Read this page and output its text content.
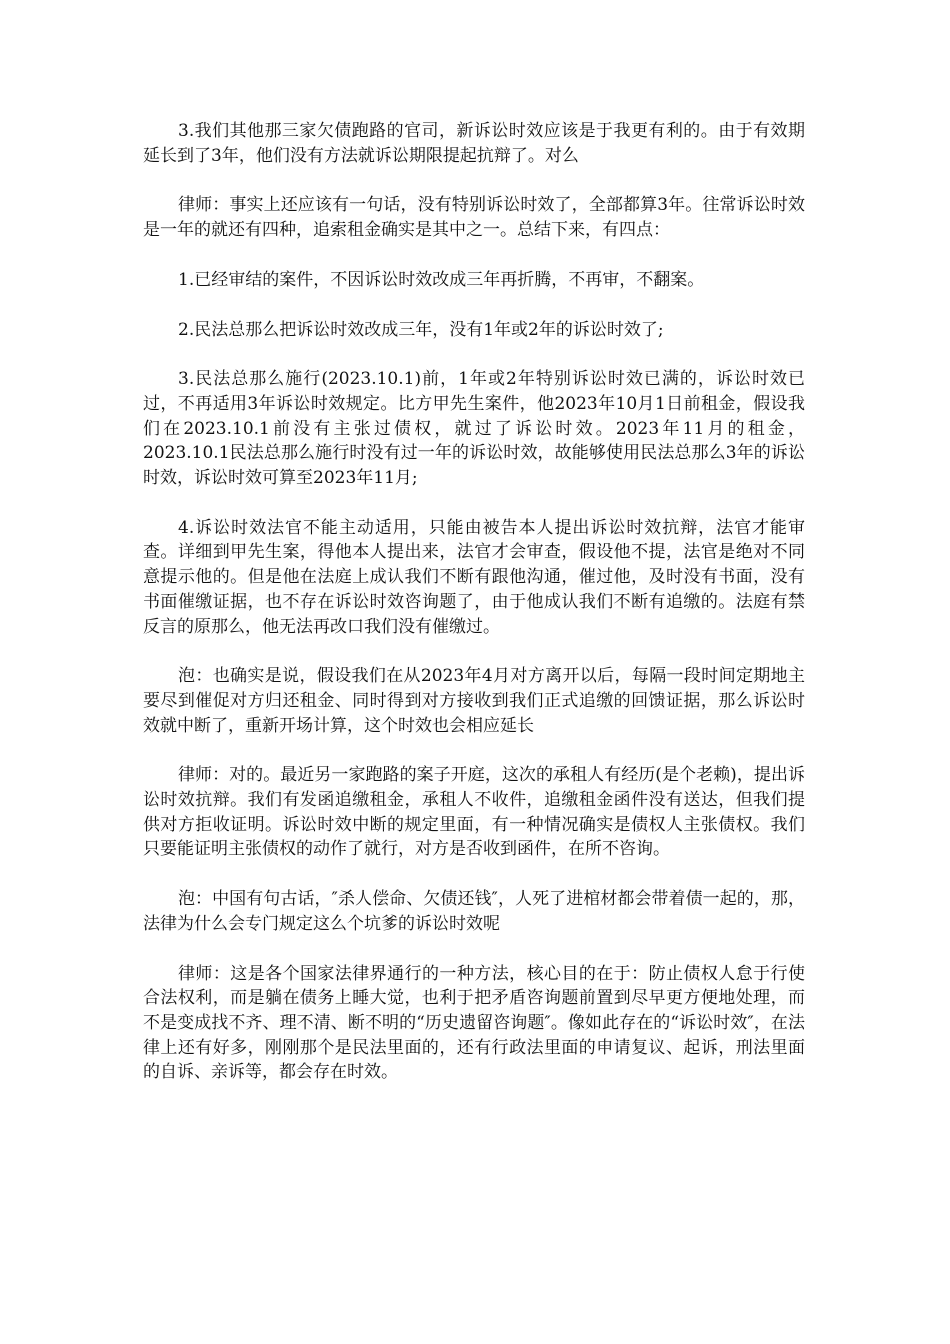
3.我们其他那三家欠债跑路的官司，新诉讼时效应该是于我更有利的。由于有效期延长到了3年，他们没有方法就诉讼期限提起抗辩了。对么

律师：事实上还应该有一句话，没有特别诉讼时效了，全部都算3年。往常诉讼时效是一年的就还有四种，追索租金确实是其中之一。总结下来，有四点：

1.已经审结的案件，不因诉讼时效改成三年再折腾，不再审，不翻案。

2.民法总那么把诉讼时效改成三年，没有1年或2年的诉讼时效了;

3.民法总那么施行(2023.10.1)前，1年或2年特别诉讼时效已满的，诉讼时效已过，不再适用3年诉讼时效规定。比方甲先生案件，他2023年10月1日前租金，假设我们在2023.10.1前没有主张过债权，就过了诉讼时效。2023年11月的租金，2023.10.1民法总那么施行时没有过一年的诉讼时效，故能够使用民法总那么3年的诉讼时效，诉讼时效可算至2023年11月;

4.诉讼时效法官不能主动适用，只能由被告本人提出诉讼时效抗辩，法官才能审查。详细到甲先生案，得他本人提出来，法官才会审查，假设他不提，法官是绝对不同意提示他的。但是他在法庭上成认我们不断有跟他沟通，催过他，及时没有书面，没有书面催缴证据，也不存在诉讼时效咨询题了，由于他成认我们不断有追缴的。法庭有禁反言的原那么，他无法再改口我们没有催缴过。

泡：也确实是说，假设我们在从2023年4月对方离开以后，每隔一段时间定期地主要尽到催促对方归还租金、同时得到对方接收到我们正式追缴的回馈证据，那么诉讼时效就中断了，重新开场计算，这个时效也会相应延长

律师：对的。最近另一家跑路的案子开庭，这次的承租人有经历(是个老赖)，提出诉讼时效抗辩。我们有发函追缴租金，承租人不收件，追缴租金函件没有送达，但我们提供对方拒收证明。诉讼时效中断的规定里面，有一种情况确实是债权人主张债权。我们只要能证明主张债权的动作了就行，对方是否收到函件，在所不咨询。

泡：中国有句古话，″杀人偿命、欠债还钱″，人死了进棺材都会带着债一起的，那，法律为什么会专门规定这么个坑爹的诉讼时效呢

律师：这是各个国家法律界通行的一种方法，核心目的在于：防止债权人怠于行使合法权利，而是躺在债务上睡大觉，也利于把矛盾咨询题前置到尽早更方便地处理，而不是变成找不齐、理不清、断不明的“历史遗留咨询题″。像如此存在的“诉讼时效″，在法律上还有好多，刚刚那个是民法里面的，还有行政法里面的申请复议、起诉，刑法里面的自诉、亲诉等，都会存在时效。
